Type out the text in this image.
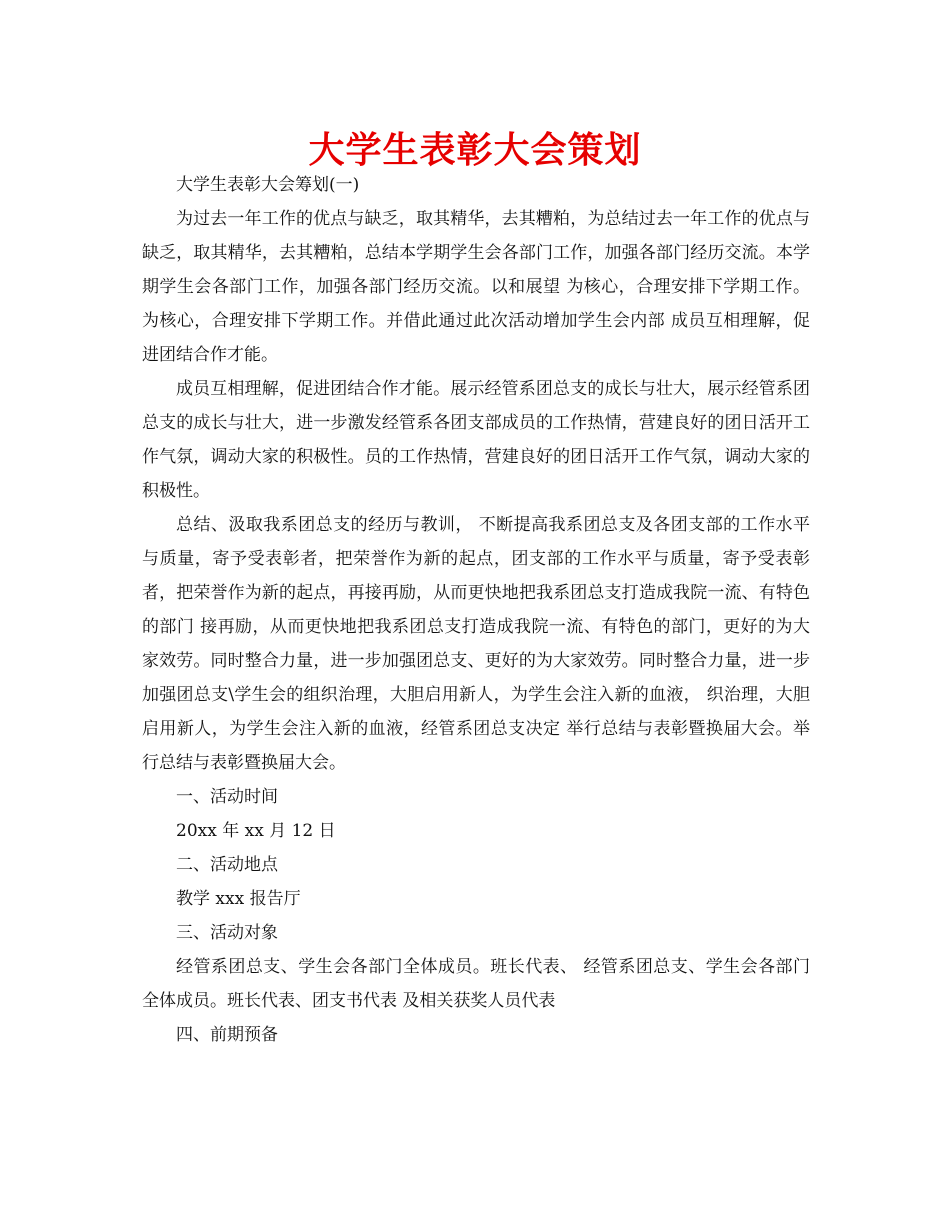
大学生表彰大会策划

大学生表彰大会筹划(一)

为过去一年工作的优点与缺乏，取其精华，去其糟粕，为总结过去一年工作的优点与缺乏，取其精华，去其糟粕，总结本学期学生会各部门工作，加强各部门经历交流。本学期学生会各部门工作，加强各部门经历交流。以和展望 为核心，合理安排下学期工作。为核心，合理安排下学期工作。并借此通过此次活动增加学生会内部 成员互相理解，促进团结合作才能。

成员互相理解，促进团结合作才能。展示经管系团总支的成长与壮大，展示经管系团总支的成长与壮大，进一步激发经管系各团支部成员的工作热情，营建良好的团日活开工作气氛，调动大家的积极性。员的工作热情，营建良好的团日活开工作气氛，调动大家的积极性。

总结、汲取我系团总支的经历与教训， 不断提高我系团总支及各团支部的工作水平与质量，寄予受表彰者，把荣誉作为新的起点，团支部的工作水平与质量，寄予受表彰者，把荣誉作为新的起点，再接再励，从而更快地把我系团总支打造成我院一流、有特色的部门 接再励，从而更快地把我系团总支打造成我院一流、有特色的部门，更好的为大家效劳。同时整合力量，进一步加强团总支、更好的为大家效劳。同时整合力量，进一步加强团总支\学生会的组织治理，大胆启用新人，为学生会注入新的血液， 织治理，大胆启用新人，为学生会注入新的血液，经管系团总支决定 举行总结与表彰暨换届大会。举行总结与表彰暨换届大会。

一、活动时间

20xx 年 xx 月 12 日

二、活动地点

教学 xxx 报告厅

三、活动对象

经管系团总支、学生会各部门全体成员。班长代表、 经管系团总支、学生会各部门全体成员。班长代表、团支书代表 及相关获奖人员代表

四、前期预备
